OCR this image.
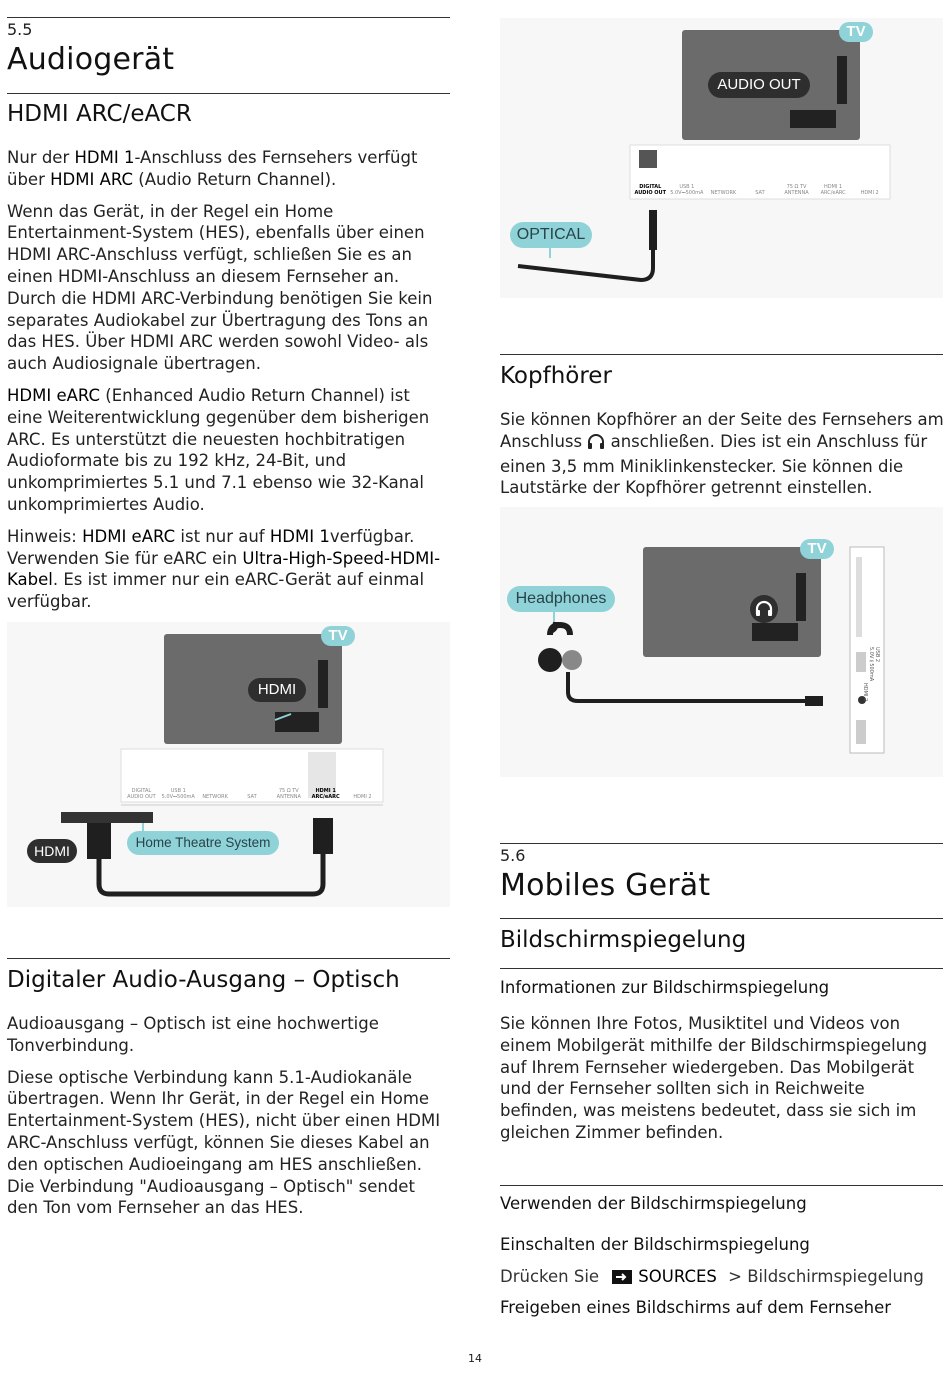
5.5
Audiogerät
HDMI ARC/eACR

Nur der HDMI 1-Anschluss des Fernsehers verfügt über HDMI ARC (Audio Return Channel).

Wenn das Gerät, in der Regel ein Home Entertainment-System (HES), ebenfalls über einen HDMI ARC-Anschluss verfügt, schließen Sie es an einen HDMI-Anschluss an diesem Fernseher an. Durch die HDMI ARC-Verbindung benötigen Sie kein separates Audiokabel zur Übertragung des Tons an das HES. Über HDMI ARC werden sowohl Video- als auch Audiosignale übertragen.

HDMI eARC (Enhanced Audio Return Channel) ist eine Weiterentwicklung gegenüber dem bisherigen ARC. Es unterstützt die neuesten hochbitratigen Audioformate bis zu 192 kHz, 24-Bit, und unkomprimiertes 5.1 und 7.1 ebenso wie 32-Kanal unkomprimiertes Audio.

Hinweis: HDMI eARC ist nur auf HDMI 1verfügbar. Verwenden Sie für eARC ein Ultra-High-Speed-HDMI-Kabel. Es ist immer nur ein eARC-Gerät auf einmal verfügbar.

TV
HDMI
DIGITAL AUDIO OUT
USB 1 5.0V⎓500mA	NETWORK	SAT
75 Ω TV ANTENNA
HDMI 1 ARC/eARC	HDMI 2
HDMI
Home Theatre System
Digitaler Audio-Ausgang – Optisch

Audioausgang – Optisch ist eine hochwertige Tonverbindung.

Diese optische Verbindung kann 5.1-Audiokanäle übertragen. Wenn Ihr Gerät, in der Regel ein Home Entertainment-System (HES), nicht über einen HDMI ARC-Anschluss verfügt, können Sie dieses Kabel an den optischen Audioeingang am HES anschließen. Die Verbindung "Audioausgang – Optisch" sendet den Ton vom Fernseher an das HES.

TV
AUDIO OUT
DIGITAL AUDIO OUT
USB 1 5.0V⎓500mA	NETWORK	SAT
75 Ω TV ANTENNA
HDMI 1 ARC/eARC	HDMI 2
OPTICAL
Kopfhörer

Sie können Kopfhörer an der Seite des Fernsehers am Anschluss  anschließen. Dies ist ein Anschluss für einen 3,5 mm Miniklinkenstecker. Sie können die Lautstärke der Kopfhörer getrennt einstellen.

TV
USB 2 5.0V⎓500mA
HDMI 2
Headphones
5.6
Mobiles Gerät
Bildschirmspiegelung
Informationen zur Bildschirmspiegelung

Sie können Ihre Fotos, Musiktitel und Videos von einem Mobilgerät mithilfe der Bildschirmspiegelung auf Ihrem Fernseher wiedergeben. Das Mobilgerät und der Fernseher sollten sich in Reichweite befinden, was meistens bedeutet, dass sie sich im gleichen Zimmer befinden.

Verwenden der Bildschirmspiegelung
Einschalten der Bildschirmspiegelung
Drücken Sie SOURCES > Bildschirmspiegelung
Freigeben eines Bildschirms auf dem Fernseher
14
